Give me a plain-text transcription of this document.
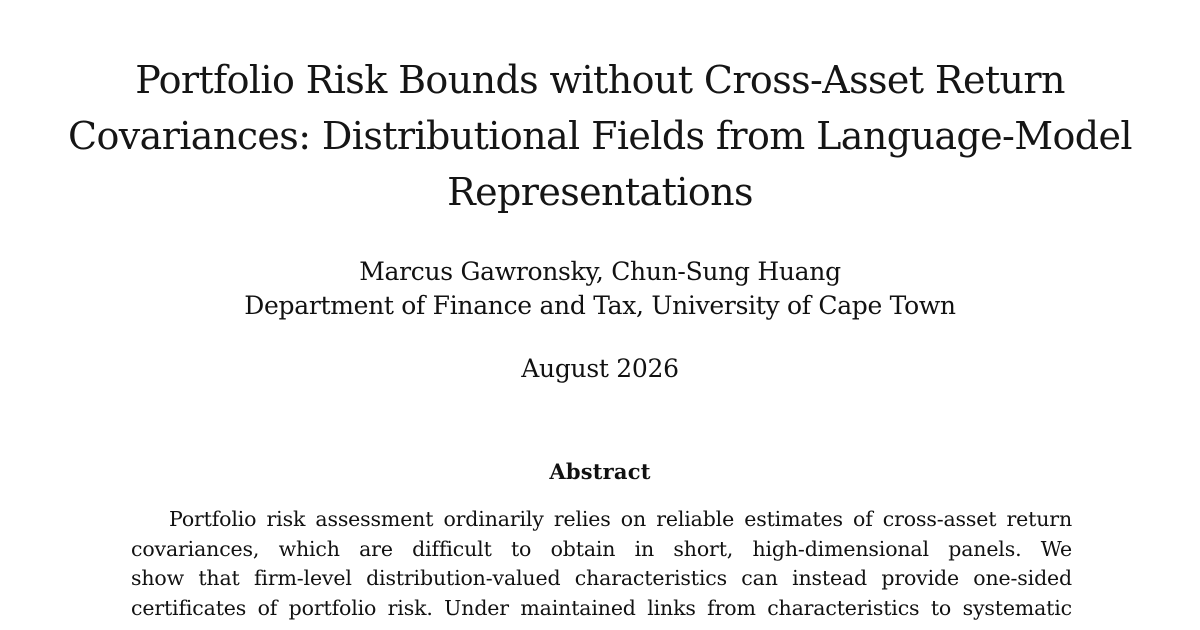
Portfolio Risk Bounds without Cross-Asset Return
Covariances: Distributional Fields from Language-Model
Representations
Marcus Gawronsky, Chun-Sung Huang
Department of Finance and Tax, University of Cape Town
August 2026
Abstract
Portfolio risk assessment ordinarily relies on reliable estimates of cross-asset return
covariances, which are difficult to obtain in short, high-dimensional panels. We
show that firm-level distribution-valued characteristics can instead provide one-sided
certificates of portfolio risk. Under maintained links from characteristics to systematic
